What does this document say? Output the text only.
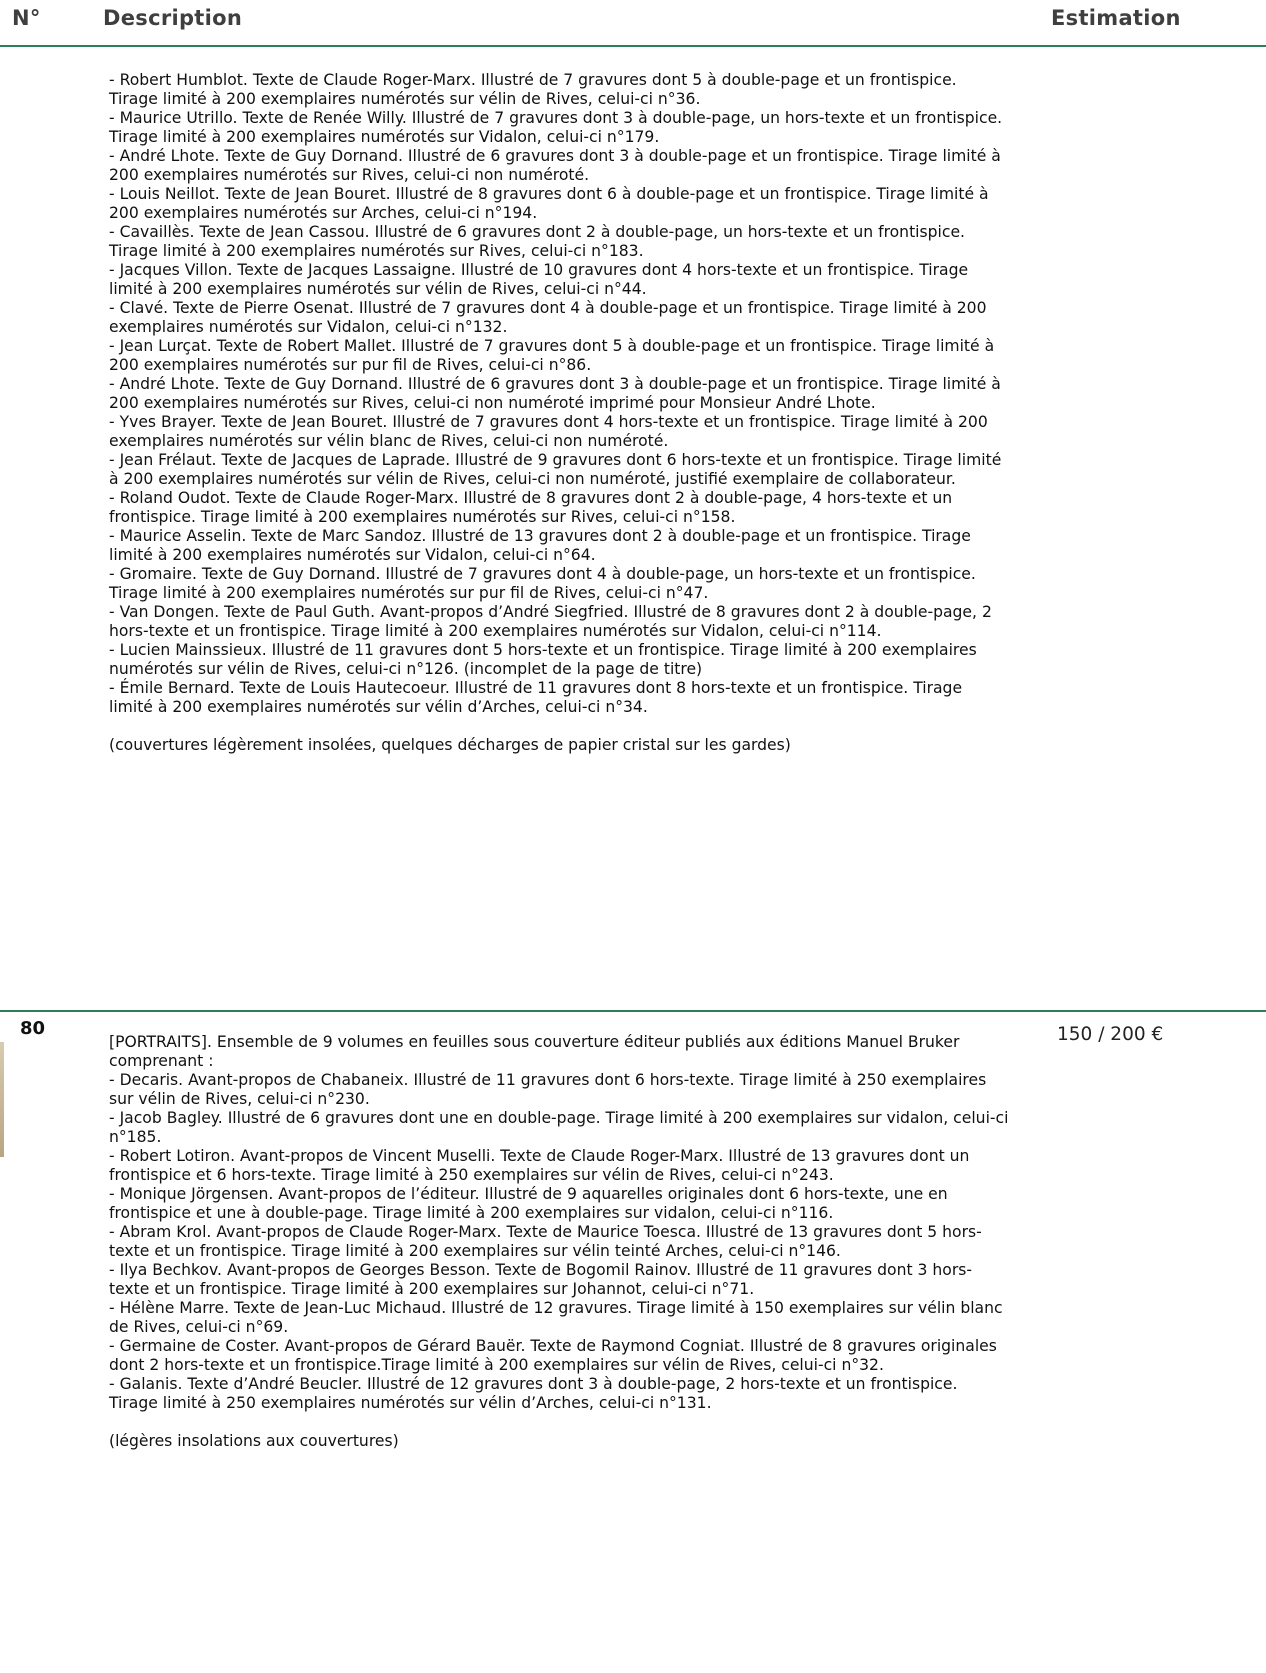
N°	Description	Estimation

- Robert Humblot. Texte de Claude Roger-Marx. Illustré de 7 gravures dont 5 à double-page et un frontispice. Tirage limité à 200 exemplaires numérotés sur vélin de Rives, celui-ci n°36.

- Maurice Utrillo. Texte de Renée Willy. Illustré de 7 gravures dont 3 à double-page, un hors-texte et un frontispice. Tirage limité à 200 exemplaires numérotés sur Vidalon, celui-ci n°179.

- André Lhote. Texte de Guy Dornand. Illustré de 6 gravures dont 3 à double-page et un frontispice. Tirage limité à 200 exemplaires numérotés sur Rives, celui-ci non numéroté.

- Louis Neillot. Texte de Jean Bouret. Illustré de 8 gravures dont 6 à double-page et un frontispice. Tirage limité à 200 exemplaires numérotés sur Arches, celui-ci n°194.

- Cavaillès. Texte de Jean Cassou. Illustré de 6 gravures dont 2 à double-page, un hors-texte et un frontispice. Tirage limité à 200 exemplaires numérotés sur Rives, celui-ci n°183.

- Jacques Villon. Texte de Jacques Lassaigne. Illustré de 10 gravures dont 4 hors-texte et un frontispice. Tirage limité à 200 exemplaires numérotés sur vélin de Rives, celui-ci n°44.

- Clavé. Texte de Pierre Osenat. Illustré de 7 gravures dont 4 à double-page et un frontispice. Tirage limité à 200 exemplaires numérotés sur Vidalon, celui-ci n°132.

- Jean Lurçat. Texte de Robert Mallet. Illustré de 7 gravures dont 5 à double-page et un frontispice. Tirage limité à 200 exemplaires numérotés sur pur fil de Rives, celui-ci n°86.

- André Lhote. Texte de Guy Dornand. Illustré de 6 gravures dont 3 à double-page et un frontispice. Tirage limité à 200 exemplaires numérotés sur Rives, celui-ci non numéroté imprimé pour Monsieur André Lhote.

- Yves Brayer. Texte de Jean Bouret. Illustré de 7 gravures dont 4 hors-texte et un frontispice. Tirage limité à 200 exemplaires numérotés sur vélin blanc de Rives, celui-ci non numéroté.

- Jean Frélaut. Texte de Jacques de Laprade. Illustré de 9 gravures dont 6 hors-texte et un frontispice. Tirage limité à 200 exemplaires numérotés sur vélin de Rives, celui-ci non numéroté, justifié exemplaire de collaborateur.

- Roland Oudot. Texte de Claude Roger-Marx. Illustré de 8 gravures dont 2 à double-page, 4 hors-texte et un frontispice. Tirage limité à 200 exemplaires numérotés sur Rives, celui-ci n°158.

- Maurice Asselin. Texte de Marc Sandoz. Illustré de 13 gravures dont 2 à double-page et un frontispice. Tirage limité à 200 exemplaires numérotés sur Vidalon, celui-ci n°64.

- Gromaire. Texte de Guy Dornand. Illustré de 7 gravures dont 4 à double-page, un hors-texte et un frontispice. Tirage limité à 200 exemplaires numérotés sur pur fil de Rives, celui-ci n°47.

- Van Dongen. Texte de Paul Guth. Avant-propos d’André Siegfried. Illustré de 8 gravures dont 2 à double-page, 2 hors-texte et un frontispice. Tirage limité à 200 exemplaires numérotés sur Vidalon, celui-ci n°114.

- Lucien Mainssieux. Illustré de 11 gravures dont 5 hors-texte et un frontispice. Tirage limité à 200 exemplaires numérotés sur vélin de Rives, celui-ci n°126. (incomplet de la page de titre)

- Émile Bernard. Texte de Louis Hautecoeur. Illustré de 11 gravures dont 8 hors-texte et un frontispice. Tirage limité à 200 exemplaires numérotés sur vélin d’Arches, celui-ci n°34.

(couvertures légèrement insolées, quelques décharges de papier cristal sur les gardes)

80

[PORTRAITS]. Ensemble de 9 volumes en feuilles sous couverture éditeur publiés aux éditions Manuel Bruker comprenant :

- Decaris. Avant-propos de Chabaneix. Illustré de 11 gravures dont 6 hors-texte. Tirage limité à 250 exemplaires sur vélin de Rives, celui-ci n°230.

- Jacob Bagley. Illustré de 6 gravures dont une en double-page. Tirage limité à 200 exemplaires sur vidalon, celui-ci n°185.

- Robert Lotiron. Avant-propos de Vincent Muselli. Texte de Claude Roger-Marx. Illustré de 13 gravures dont un frontispice et 6 hors-texte. Tirage limité à 250 exemplaires sur vélin de Rives, celui-ci n°243.

- Monique Jörgensen. Avant-propos de l’éditeur. Illustré de 9 aquarelles originales dont 6 hors-texte, une en frontispice et une à double-page. Tirage limité à 200 exemplaires sur vidalon, celui-ci n°116.

- Abram Krol. Avant-propos de Claude Roger-Marx. Texte de Maurice Toesca. Illustré de 13 gravures dont 5 hors-texte et un frontispice. Tirage limité à 200 exemplaires sur vélin teinté Arches, celui-ci n°146.

- Ilya Bechkov. Avant-propos de Georges Besson. Texte de Bogomil Rainov. Illustré de 11 gravures dont 3 hors-texte et un frontispice. Tirage limité à 200 exemplaires sur Johannot, celui-ci n°71.

- Hélène Marre. Texte de Jean-Luc Michaud. Illustré de 12 gravures. Tirage limité à 150 exemplaires sur vélin blanc de Rives, celui-ci n°69.

- Germaine de Coster. Avant-propos de Gérard Bauër. Texte de Raymond Cogniat. Illustré de 8 gravures originales dont 2 hors-texte et un frontispice.Tirage limité à 200 exemplaires sur vélin de Rives, celui-ci n°32.

- Galanis. Texte d’André Beucler. Illustré de 12 gravures dont 3 à double-page, 2 hors-texte et un frontispice. Tirage limité à 250 exemplaires numérotés sur vélin d’Arches, celui-ci n°131.

(légères insolations aux couvertures)

150 / 200 €
